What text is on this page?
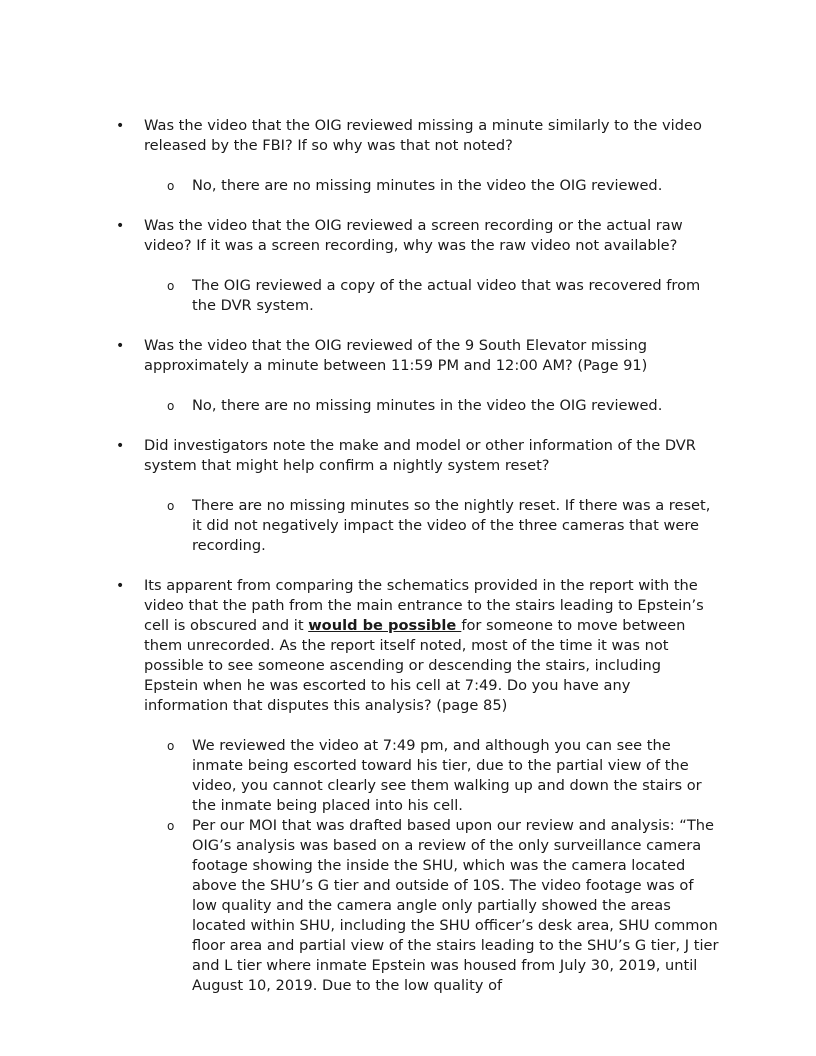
•	Was the video that the OIG reviewed missing a minute similarly to the video released by the FBI? If so why was that not noted?
o No, there are no missing minutes in the video the OIG reviewed.
•	Was the video that the OIG reviewed a screen recording or the actual raw video? If it was a screen recording, why was the raw video not available?
o The OIG reviewed a copy of the actual video that was recovered from the DVR system.
•	Was the video that the OIG reviewed of the 9 South Elevator missing approximately a minute between 11:59 PM and 12:00 AM? (Page 91)
o No, there are no missing minutes in the video the OIG reviewed.
•	Did investigators note the make and model or other information of the DVR system that might help confirm a nightly system reset?
o There are no missing minutes so the nightly reset. If there was a reset, it did not negatively impact the video of the three cameras that were recording.
•	Its apparent from comparing the schematics provided in the report with the video that the path from the main entrance to the stairs leading to Epstein’s cell is obscured and it would be possible for someone to move between them unrecorded. As the report itself noted, most of the time it was not possible to see someone ascending or descending the stairs, including Epstein when he was escorted to his cell at 7:49. Do you have any information that disputes this analysis? (page 85)
o We reviewed the video at 7:49 pm, and although you can see the inmate being escorted toward his tier, due to the partial view of the video, you cannot clearly see them walking up and down the stairs or the inmate being placed into his cell.
o Per our MOI that was drafted based upon our review and analysis: “The OIG’s analysis was based on a review of the only surveillance camera footage showing the inside the SHU, which was the camera located above the SHU’s G tier and outside of 10S. The video footage was of low quality and the camera angle only partially showed the areas located within SHU, including the SHU officer’s desk area, SHU common floor area and partial view of the stairs leading to the SHU’s G tier, J tier and L tier where inmate Epstein was housed from July 30, 2019, until August 10, 2019. Due to the low quality of
